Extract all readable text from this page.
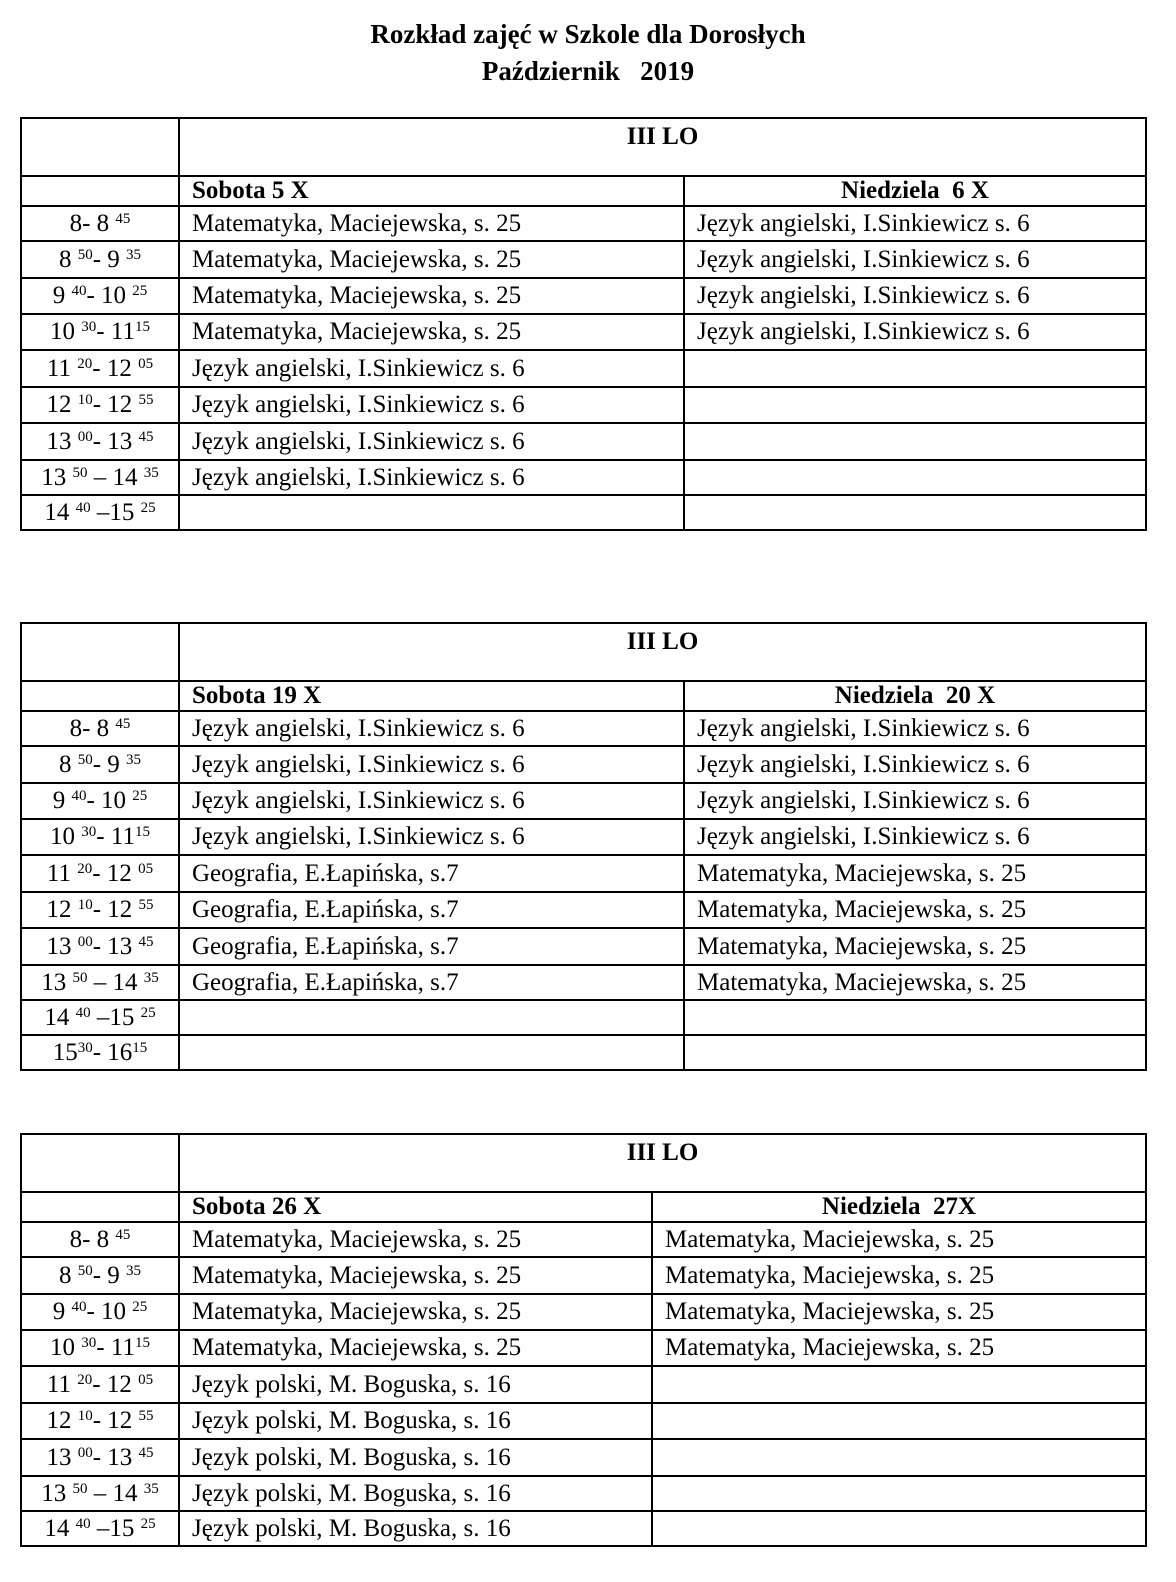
Rozkład zajęć w Szkole dla Dorosłych
Październik   2019
	III LO	
	Sobota 5 X	Niedziela  6 X
8- 8 $^{45}$	Matematyka, Maciejewska, s. 25	Język angielski, I.Sinkiewicz s. 6
8 $^{50}$- 9 $^{35}$	Matematyka, Maciejewska, s. 25	Język angielski, I.Sinkiewicz s. 6
9 $^{40}$- 10 $^{25}$	Matematyka, Maciejewska, s. 25	Język angielski, I.Sinkiewicz s. 6
10 $^{30}$- $11^{15}$	Matematyka, Maciejewska, s. 25	Język angielski, I.Sinkiewicz s. 6
11 $^{20}$- 12 $^{05}$	Język angielski, I.Sinkiewicz s. 6	
12 $^{10}$- 12 $^{55}$	Język angielski, I.Sinkiewicz s. 6	
13 $^{00}$- 13 $^{45}$	Język angielski, I.Sinkiewicz s. 6	
13 $^{50}$ – 14 $^{35}$	Język angielski, I.Sinkiewicz s. 6	
14 $^{40}$ –15 $^{25}$		
	III LO	
	Sobota 19 X	Niedziela  20 X
8- 8 $^{45}$	Język angielski, I.Sinkiewicz s. 6	Język angielski, I.Sinkiewicz s. 6
8 $^{50}$- 9 $^{35}$	Język angielski, I.Sinkiewicz s. 6	Język angielski, I.Sinkiewicz s. 6
9 $^{40}$- 10 $^{25}$	Język angielski, I.Sinkiewicz s. 6	Język angielski, I.Sinkiewicz s. 6
10 $^{30}$- $11^{15}$	Język angielski, I.Sinkiewicz s. 6	Język angielski, I.Sinkiewicz s. 6
11 $^{20}$- 12 $^{05}$	Geografia, E.Łapińska, s.7	Matematyka, Maciejewska, s. 25
12 $^{10}$- 12 $^{55}$	Geografia, E.Łapińska, s.7	Matematyka, Maciejewska, s. 25
13 $^{00}$- 13 $^{45}$	Geografia, E.Łapińska, s.7	Matematyka, Maciejewska, s. 25
13 $^{50}$ – 14 $^{35}$	Geografia, E.Łapińska, s.7	Matematyka, Maciejewska, s. 25
14 $^{40}$ –15 $^{25}$		
$15^{30}-$ $16^{15}$		
	III LO	
	Sobota 26 X	Niedziela  27X
8- 8 $^{45}$	Matematyka, Maciejewska, s. 25	Matematyka, Maciejewska, s. 25
8 $^{50}$- 9 $^{35}$	Matematyka, Maciejewska, s. 25	Matematyka, Maciejewska, s. 25
9 $^{40}$- 10 $^{25}$	Matematyka, Maciejewska, s. 25	Matematyka, Maciejewska, s. 25
10 $^{30}$- $11^{15}$	Matematyka, Maciejewska, s. 25	Matematyka, Maciejewska, s. 25
11 $^{20}$- 12 $^{05}$	Język polski, M. Boguska, s. 16	
12 $^{10}$- 12 $^{55}$	Język polski, M. Boguska, s. 16	
13 $^{00}$- 13 $^{45}$	Język polski, M. Boguska, s. 16	
13 $^{50}$ – 14 $^{35}$	Język polski, M. Boguska, s. 16	
14 $^{40}$ –15 $^{25}$	Język polski, M. Boguska, s. 16	
